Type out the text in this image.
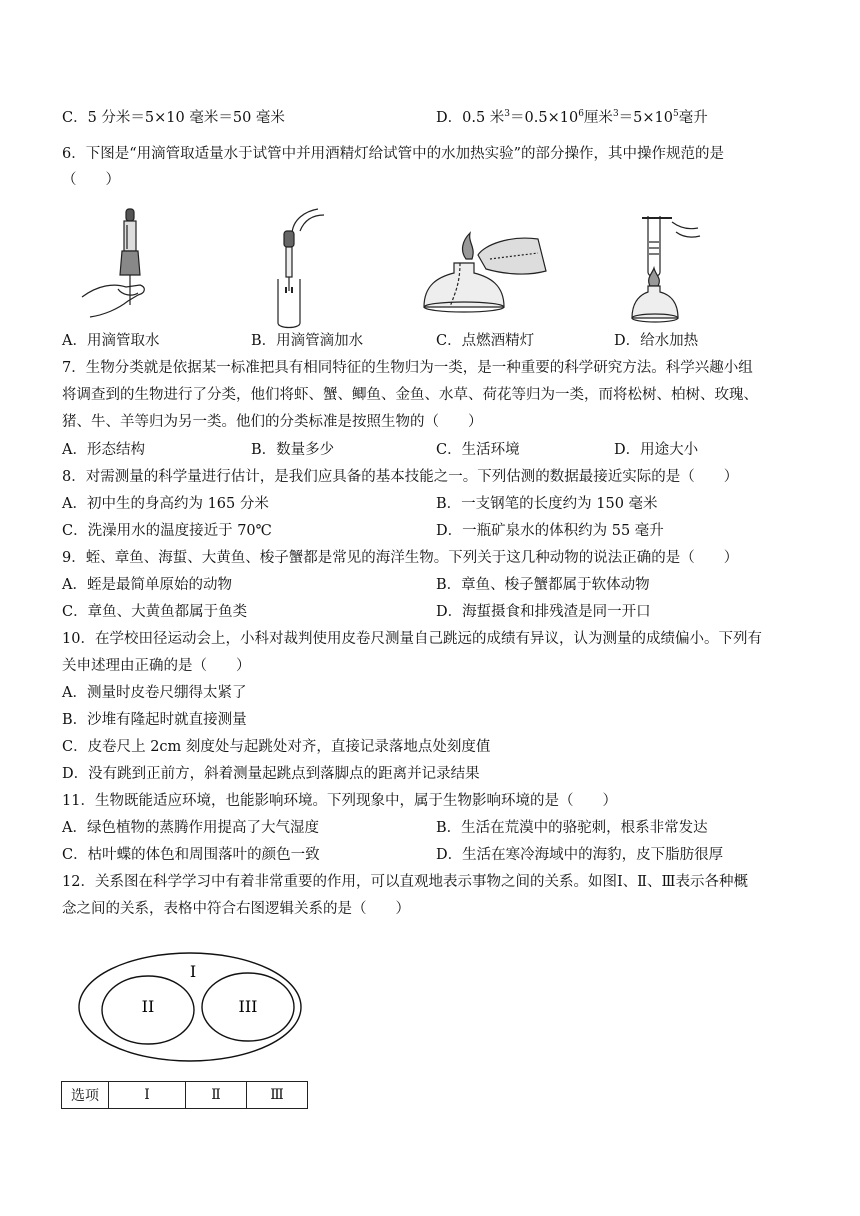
C．5 分米＝5×10 毫米＝50 毫米	D．0.5 米$^3=0.5\times 10^6$厘米$^3=5\times 10^5$毫升
6．下图是“用滴管取适量水于试管中并用酒精灯给试管中的水加热实验”的部分操作，其中操作规范的是
（　　）
A．用滴管取水	B．用滴管滴加水	C．点燃酒精灯	D．给水加热
7．生物分类就是依据某一标准把具有相同特征的生物归为一类，是一种重要的科学研究方法。科学兴趣小组
将调查到的生物进行了分类，他们将虾、蟹、鲫鱼、金鱼、水草、荷花等归为一类，而将松树、柏树、玫瑰、
猪、牛、羊等归为另一类。他们的分类标准是按照生物的（　　）
A．形态结构	B．数量多少	C．生活环境	D．用途大小
8．对需测量的科学量进行估计，是我们应具备的基本技能之一。下列估测的数据最接近实际的是（　　）
A．初中生的身高约为 165 分米	B．一支钢笔的长度约为 150 毫米
C．洗澡用水的温度接近于 70℃	D．一瓶矿泉水的体积约为 55 毫升
9．蛭、章鱼、海蜇、大黄鱼、梭子蟹都是常见的海洋生物。下列关于这几种动物的说法正确的是（　　）
A．蛭是最简单原始的动物	B．章鱼、梭子蟹都属于软体动物
C．章鱼、大黄鱼都属于鱼类	D．海蜇摄食和排残渣是同一开口
10．在学校田径运动会上，小科对裁判使用皮卷尺测量自己跳远的成绩有异议，认为测量的成绩偏小。下列有
关申述理由正确的是（　　）
A．测量时皮卷尺绷得太紧了
B．沙堆有隆起时就直接测量
C．皮卷尺上 2cm 刻度处与起跳处对齐，直接记录落地点处刻度值
D．没有跳到正前方，斜着测量起跳点到落脚点的距离并记录结果
11．生物既能适应环境，也能影响环境。下列现象中，属于生物影响环境的是（　　）
A．绿色植物的蒸腾作用提高了大气湿度	B．生活在荒漠中的骆驼刺，根系非常发达
C．枯叶蝶的体色和周围落叶的颜色一致	D．生活在寒冷海域中的海豹，皮下脂肪很厚
12．关系图在科学学习中有着非常重要的作用，可以直观地表示事物之间的关系。如图Ⅰ、Ⅱ、Ⅲ表示各种概
念之间的关系，表格中符合右图逻辑关系的是（　　）
I
II	III
选项	Ⅰ	Ⅱ	Ⅲ
